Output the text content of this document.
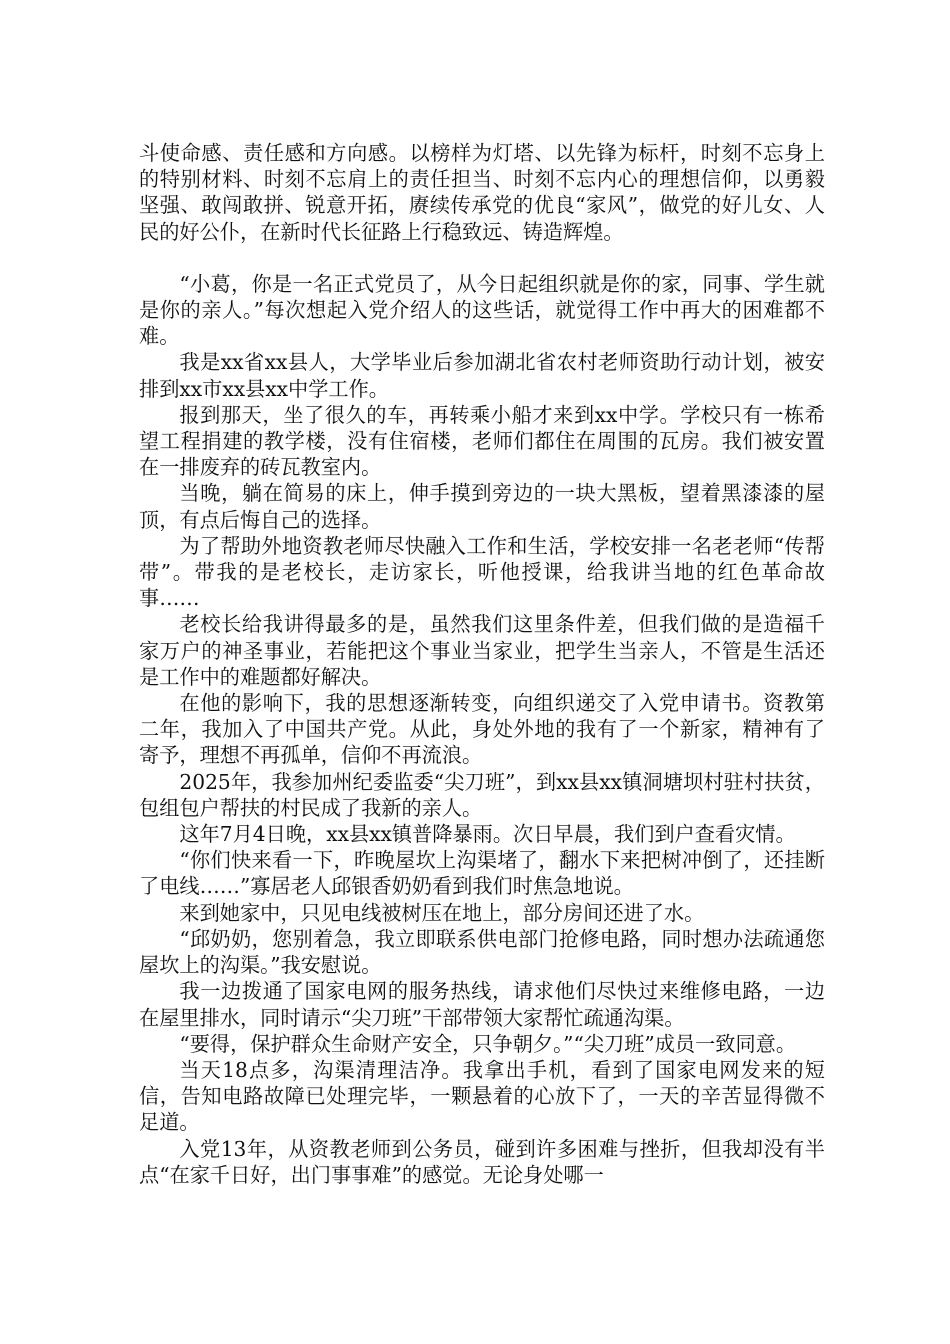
斗使命感、责任感和方向感。以榜样为灯塔、以先锋为标杆，时刻不忘身上的特别材料、时刻不忘肩上的责任担当、时刻不忘内心的理想信仰，以勇毅坚强、敢闯敢拼、锐意开拓，赓续传承党的优良“家风”，做党的好儿女、人民的好公仆，在新时代长征路上行稳致远、铸造辉煌。

“小葛，你是一名正式党员了，从今日起组织就是你的家，同事、学生就是你的亲人。”每次想起入党介绍人的这些话，就觉得工作中再大的困难都不难。

我是xx省xx县人，大学毕业后参加湖北省农村老师资助行动计划，被安排到xx市xx县xx中学工作。

报到那天，坐了很久的车，再转乘小船才来到xx中学。学校只有一栋希望工程捐建的教学楼，没有住宿楼，老师们都住在周围的瓦房。我们被安置在一排废弃的砖瓦教室内。

当晚，躺在简易的床上，伸手摸到旁边的一块大黑板，望着黑漆漆的屋顶，有点后悔自己的选择。

为了帮助外地资教老师尽快融入工作和生活，学校安排一名老老师“传帮带”。带我的是老校长，走访家长，听他授课，给我讲当地的红色革命故事……

老校长给我讲得最多的是，虽然我们这里条件差，但我们做的是造福千家万户的神圣事业，若能把这个事业当家业，把学生当亲人，不管是生活还是工作中的难题都好解决。

在他的影响下，我的思想逐渐转变，向组织递交了入党申请书。资教第二年，我加入了中国共产党。从此，身处外地的我有了一个新家，精神有了寄予，理想不再孤单，信仰不再流浪。

2025年，我参加州纪委监委“尖刀班”，到xx县xx镇洞塘坝村驻村扶贫，包组包户帮扶的村民成了我新的亲人。

这年7月4日晚，xx县xx镇普降暴雨。次日早晨，我们到户查看灾情。

“你们快来看一下，昨晚屋坎上沟渠堵了，翻水下来把树冲倒了，还挂断了电线……”寡居老人邱银香奶奶看到我们时焦急地说。

来到她家中，只见电线被树压在地上，部分房间还进了水。

“邱奶奶，您别着急，我立即联系供电部门抢修电路，同时想办法疏通您屋坎上的沟渠。”我安慰说。

我一边拨通了国家电网的服务热线，请求他们尽快过来维修电路，一边在屋里排水，同时请示“尖刀班”干部带领大家帮忙疏通沟渠。

“要得，保护群众生命财产安全，只争朝夕。”“尖刀班”成员一致同意。

当天18点多，沟渠清理洁净。我拿出手机，看到了国家电网发来的短信，告知电路故障已处理完毕，一颗悬着的心放下了，一天的辛苦显得微不足道。

入党13年，从资教老师到公务员，碰到许多困难与挫折，但我却没有半点“在家千日好，出门事事难”的感觉。无论身处哪一
